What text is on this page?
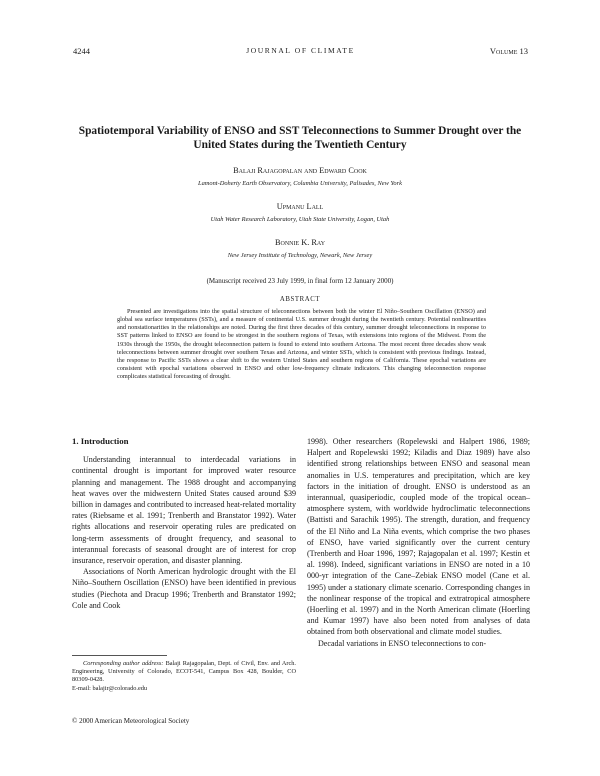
4244	JOURNAL OF CLIMATE	Volume 13
Spatiotemporal Variability of ENSO and SST Teleconnections to Summer Drought over the United States during the Twentieth Century
Balaji Rajagopalan and Edward Cook
Lamont-Doherty Earth Observatory, Columbia University, Palisades, New York
Upmanu Lall
Utah Water Research Laboratory, Utah State University, Logan, Utah
Bonnie K. Ray
New Jersey Institute of Technology, Newark, New Jersey
(Manuscript received 23 July 1999, in final form 12 January 2000)
ABSTRACT

Presented are investigations into the spatial structure of teleconnections between both the winter El Niño–Southern Oscillation (ENSO) and global sea surface temperatures (SSTs), and a measure of continental U.S. summer drought during the twentieth century. Potential nonlinearities and nonstationarities in the relationships are noted. During the first three decades of this century, summer drought teleconnections in response to SST patterns linked to ENSO are found to be strongest in the southern regions of Texas, with extensions into regions of the Midwest. From the 1930s through the 1950s, the drought teleconnection pattern is found to extend into southern Arizona. The most recent three decades show weak teleconnections between summer drought over southern Texas and Arizona, and winter SSTs, which is consistent with previous findings. Instead, the response to Pacific SSTs shows a clear shift to the western United States and southern regions of California. These epochal variations are consistent with epochal variations observed in ENSO and other low-frequency climate indicators. This changing teleconnection response complicates statistical forecasting of drought.

1. Introduction

Understanding interannual to interdecadal variations in continental drought is important for improved water resource planning and management. The 1988 drought and accompanying heat waves over the midwestern United States caused around $39 billion in damages and contributed to increased heat-related mortality rates (Riebsame et al. 1991; Trenberth and Branstator 1992). Water rights allocations and reservoir operating rules are predicated on long-term assessments of drought frequency, and seasonal to interannual forecasts of seasonal drought are of interest for crop insurance, reservoir operation, and disaster planning.

Associations of North American hydrologic drought with the El Niño–Southern Oscillation (ENSO) have been identified in previous studies (Piechota and Dracup 1996; Trenberth and Branstator 1992; Cole and Cook

1998). Other researchers (Ropelewski and Halpert 1986, 1989; Halpert and Ropelewski 1992; Kiladis and Diaz 1989) have also identified strong relationships between ENSO and seasonal mean anomalies in U.S. temperatures and precipitation, which are key factors in the initiation of drought. ENSO is understood as an interannual, quasiperiodic, coupled mode of the tropical ocean–atmosphere system, with worldwide hydroclimatic teleconnections (Battisti and Sarachik 1995). The strength, duration, and frequency of the El Niño and La Niña events, which comprise the two phases of ENSO, have varied significantly over the current century (Trenberth and Hoar 1996, 1997; Rajagopalan et al. 1997; Kestin et al. 1998). Indeed, significant variations in ENSO are noted in a 10 000-yr integration of the Cane–Zebiak ENSO model (Cane et al. 1995) under a stationary climate scenario. Corresponding changes in the nonlinear response of the tropical and extratropical atmosphere (Hoerling et al. 1997) and in the North American climate (Hoerling and Kumar 1997) have also been noted from analyses of data obtained from both observational and climate model studies.

Decadal variations in ENSO teleconnections to con-

Corresponding author address: Balaji Rajagopalan, Dept. of Civil, Env. and Arch. Engineering, University of Colorado, ECOT-541, Campus Box 428, Boulder, CO 80309-0428.
E-mail: balajir@colorado.edu

© 2000 American Meteorological Society
